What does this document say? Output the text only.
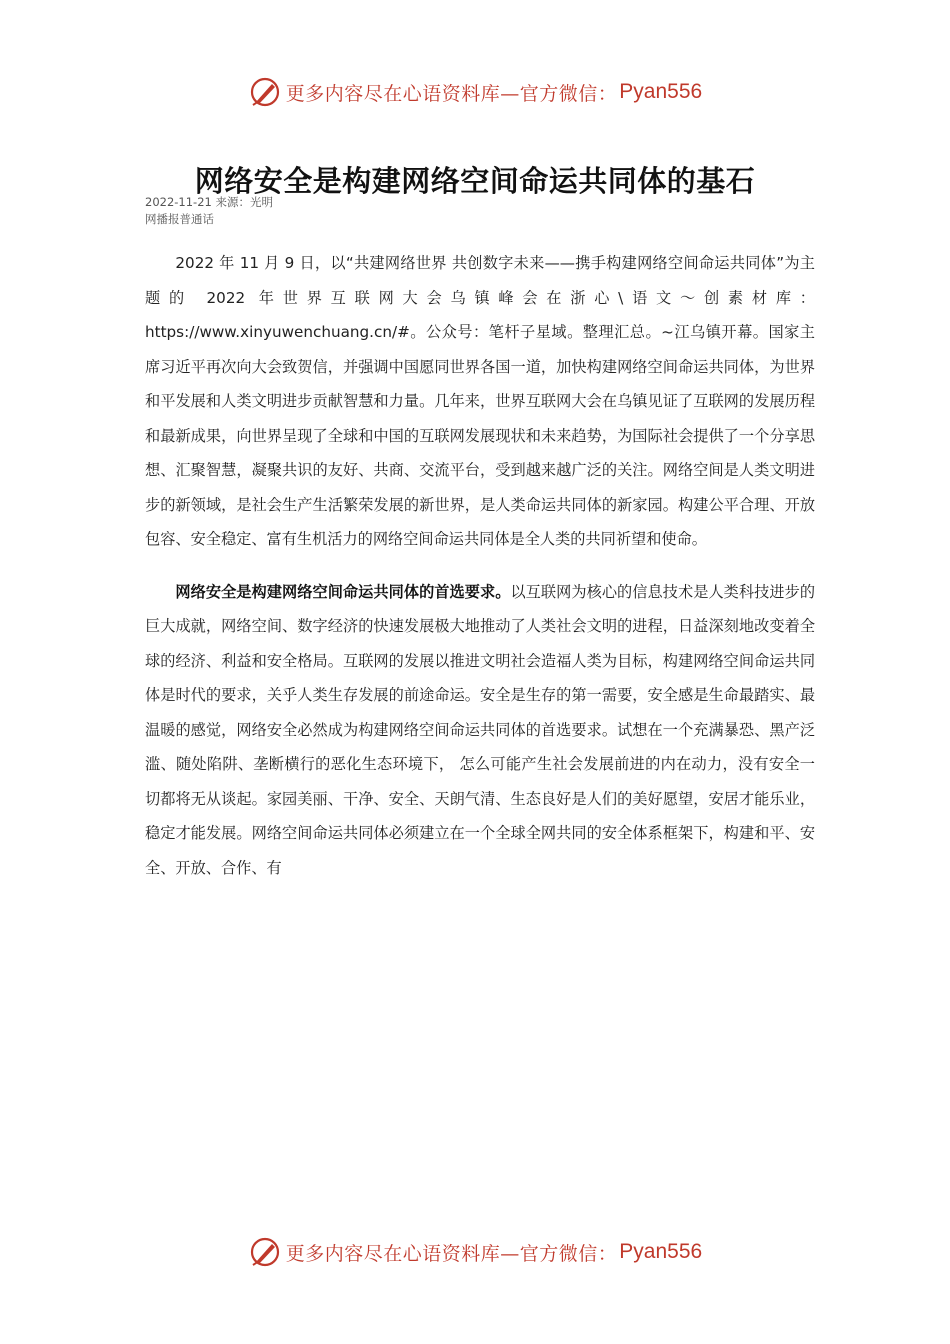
更多内容尽在心语资料库—官方微信： Pyan556
网络安全是构建网络空间命运共同体的基石
2022-11-21 来源：光明
网播报普通话

2022 年 11 月 9 日，以“共建网络世界 共创数字未来——携手构建网络空间命运共同体”为主题的 2022 年世界互联网大会乌镇峰会在浙心\语文～创素材库：https://www.xinyuwenchuang.cn/#。公众号：笔杆子星域。整理汇总。~江乌镇开幕。国家主席习近平再次向大会致贺信，并强调中国愿同世界各国一道，加快构建网络空间命运共同体，为世界和平发展和人类文明进步贡献智慧和力量。几年来，世界互联网大会在乌镇见证了互联网的发展历程和最新成果，向世界呈现了全球和中国的互联网发展现状和未来趋势，为国际社会提供了一个分享思想、汇聚智慧，凝聚共识的友好、共商、交流平台，受到越来越广泛的关注。网络空间是人类文明进步的新领域，是社会生产生活繁荣发展的新世界，是人类命运共同体的新家园。构建公平合理、开放包容、安全稳定、富有生机活力的网络空间命运共同体是全人类的共同祈望和使命。

网络安全是构建网络空间命运共同体的首选要求。以互联网为核心的信息技术是人类科技进步的巨大成就，网络空间、数字经济的快速发展极大地推动了人类社会文明的进程，日益深刻地改变着全球的经济、利益和安全格局。互联网的发展以推进文明社会造福人类为目标，构建网络空间命运共同体是时代的要求，关乎人类生存发展的前途命运。安全是生存的第一需要，安全感是生命最踏实、最温暖的感觉，网络安全必然成为构建网络空间命运共同体的首选要求。试想在一个充满暴恐、黑产泛滥、随处陷阱、垄断横行的恶化生态环境下， 怎么可能产生社会发展前进的内在动力，没有安全一切都将无从谈起。家园美丽、干净、安全、天朗气清、生态良好是人们的美好愿望，安居才能乐业，稳定才能发展。网络空间命运共同体必须建立在一个全球全网共同的安全体系框架下，构建和平、安全、开放、合作、有

更多内容尽在心语资料库—官方微信： Pyan556
